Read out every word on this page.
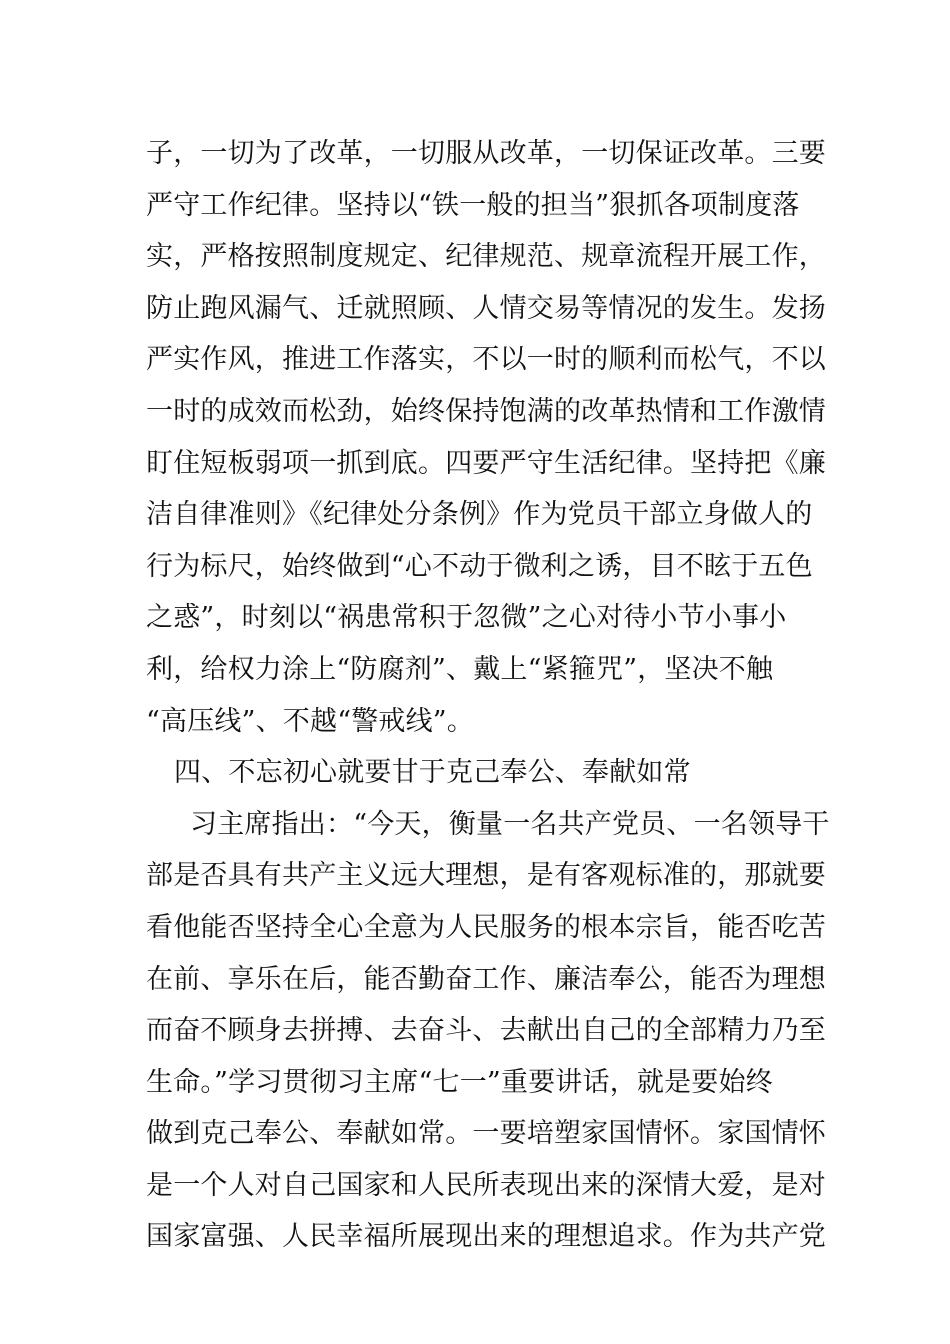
子，一切为了改革，一切服从改革，一切保证改革。三要
严守工作纪律。坚持以“铁一般的担当”狠抓各项制度落
实，严格按照制度规定、纪律规范、规章流程开展工作，
防止跑风漏气、迁就照顾、人情交易等情况的发生。发扬
严实作风，推进工作落实，不以一时的顺利而松气，不以
一时的成效而松劲，始终保持饱满的改革热情和工作激情
盯住短板弱项一抓到底。四要严守生活纪律。坚持把《廉
洁自律准则》《纪律处分条例》作为党员干部立身做人的
行为标尺，始终做到“心不动于微利之诱，目不眩于五色
之惑”，时刻以“祸患常积于忽微”之心对待小节小事小
利，给权力涂上“防腐剂”、戴上“紧箍咒”，坚决不触
“高压线”、不越“警戒线”。
四、不忘初心就要甘于克己奉公、奉献如常
习主席指出：“今天，衡量一名共产党员、一名领导干
部是否具有共产主义远大理想，是有客观标准的，那就要
看他能否坚持全心全意为人民服务的根本宗旨，能否吃苦
在前、享乐在后，能否勤奋工作、廉洁奉公，能否为理想
而奋不顾身去拼搏、去奋斗、去献出自己的全部精力乃至
生命。”学习贯彻习主席“七一”重要讲话，就是要始终
做到克己奉公、奉献如常。一要培塑家国情怀。家国情怀
是一个人对自己国家和人民所表现出来的深情大爱，是对
国家富强、人民幸福所展现出来的理想追求。作为共产党
